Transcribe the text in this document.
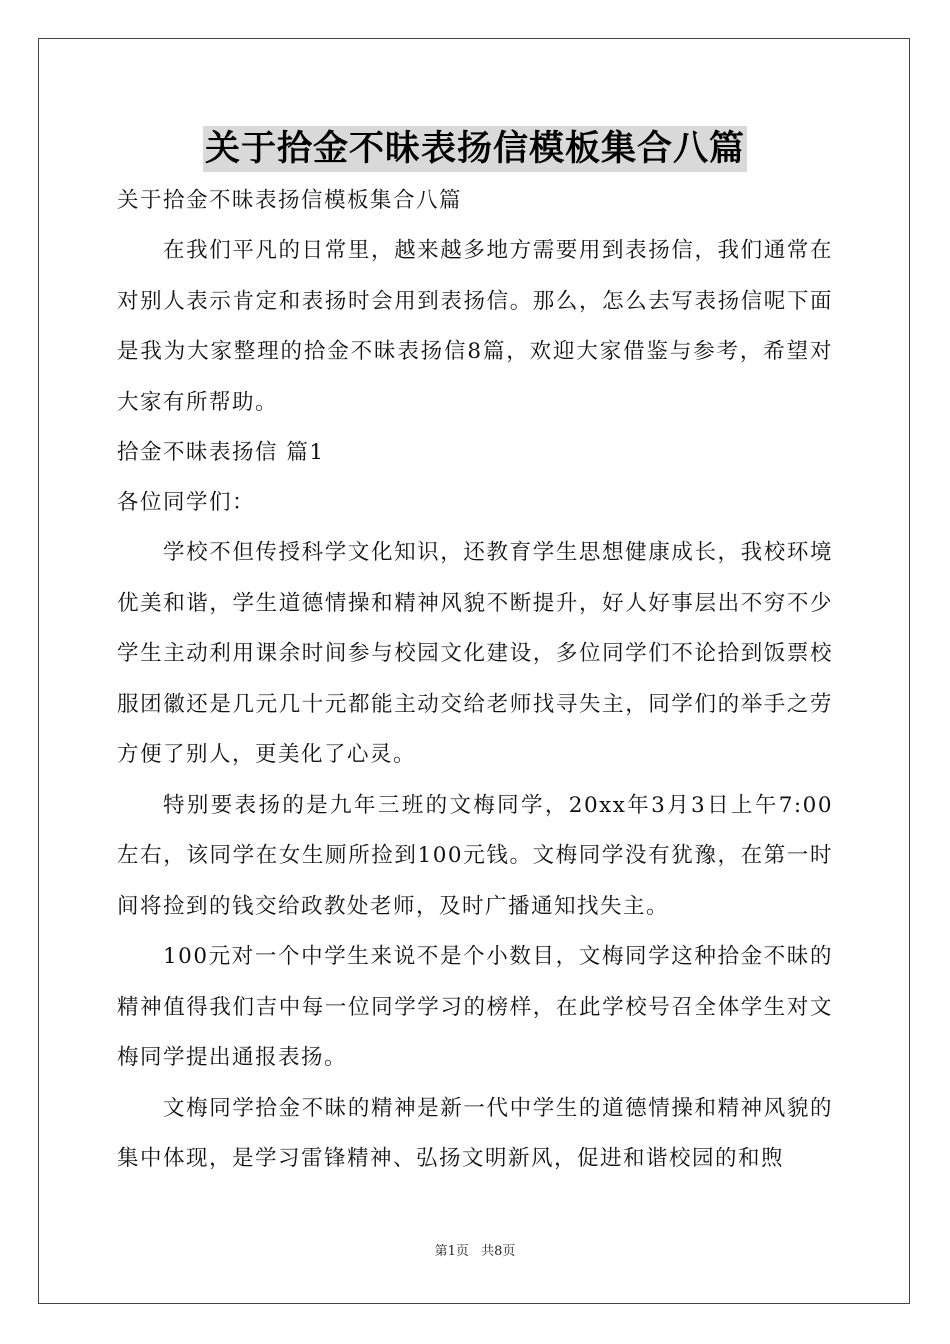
关于拾金不昧表扬信模板集合八篇

关于拾金不昧表扬信模板集合八篇

在我们平凡的日常里，越来越多地方需要用到表扬信，我们通常在对别人表示肯定和表扬时会用到表扬信。那么，怎么去写表扬信呢下面是我为大家整理的拾金不昧表扬信8篇，欢迎大家借鉴与参考，希望对大家有所帮助。

拾金不昧表扬信 篇1

各位同学们：

学校不但传授科学文化知识，还教育学生思想健康成长，我校环境优美和谐，学生道德情操和精神风貌不断提升，好人好事层出不穷不少学生主动利用课余时间参与校园文化建设，多位同学们不论拾到饭票校服团徽还是几元几十元都能主动交给老师找寻失主，同学们的举手之劳方便了别人，更美化了心灵。

特别要表扬的是九年三班的文梅同学，20xx年3月3日上午7:00左右，该同学在女生厕所捡到100元钱。文梅同学没有犹豫，在第一时间将捡到的钱交给政教处老师，及时广播通知找失主。

100元对一个中学生来说不是个小数目，文梅同学这种拾金不昧的精神值得我们吉中每一位同学学习的榜样，在此学校号召全体学生对文梅同学提出通报表扬。

文梅同学拾金不昧的精神是新一代中学生的道德情操和精神风貌的集中体现，是学习雷锋精神、弘扬文明新风，促进和谐校园的和煦

第1页 共8页
